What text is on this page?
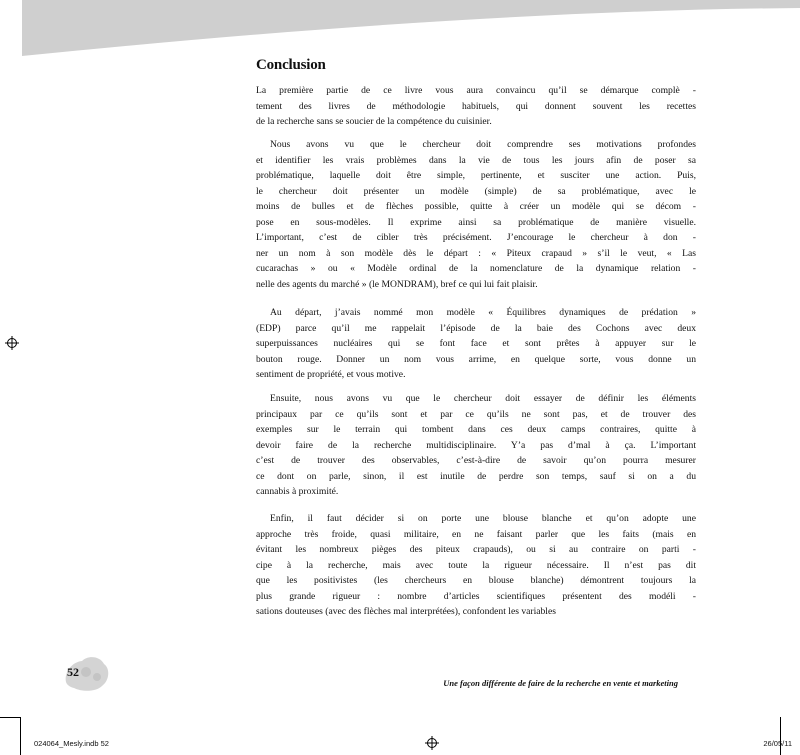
Conclusion
La première partie de ce livre vous aura convaincu qu’il se démarque complè -
tement des livres de méthodologie habituels, qui donnent souvent les recettes
de la recherche sans se soucier de la compétence du cuisinier.
Nous avons vu que le chercheur doit comprendre ses motivations profondes
et identifier les vrais problèmes dans la vie de tous les jours afin de poser sa
problématique, laquelle doit être simple, pertinente, et susciter une action. Puis,
le chercheur doit présenter un modèle (simple) de sa problématique, avec le
moins de bulles et de flèches possible, quitte à créer un modèle qui se décom -
pose en sous-modèles. Il exprime ainsi sa problématique de manière visuelle.
L’important, c’est de cibler très précisément. J’encourage le chercheur à don -
ner un nom à son modèle dès le départ : « Piteux crapaud » s’il le veut, « Las
cucarachas » ou « Modèle ordinal de la nomenclature de la dynamique relation -
nelle des agents du marché » (le MONDRAM), bref ce qui lui fait plaisir.
Au départ, j’avais nommé mon modèle « Équilibres dynamiques de prédation »
(EDP) parce qu’il me rappelait l’épisode de la baie des Cochons avec deux
superpuissances nucléaires qui se font face et sont prêtes à appuyer sur le
bouton rouge. Donner un nom vous arrime, en quelque sorte, vous donne un
sentiment de propriété, et vous motive.
Ensuite, nous avons vu que le chercheur doit essayer de définir les éléments
principaux par ce qu’ils sont et par ce qu’ils ne sont pas, et de trouver des
exemples sur le terrain qui tombent dans ces deux camps contraires, quitte à
devoir faire de la recherche multidisciplinaire. Y’a pas d’mal à ça. L’important
c’est de trouver des observables, c’est-à-dire de savoir qu’on pourra mesurer
ce dont on parle, sinon, il est inutile de perdre son temps, sauf si on a du
cannabis à proximité.
Enfin, il faut décider si on porte une blouse blanche et qu’on adopte une
approche très froide, quasi militaire, en ne faisant parler que les faits (mais en
évitant les nombreux pièges des piteux crapauds), ou si au contraire on parti -
cipe à la recherche, mais avec toute la rigueur nécessaire. Il n’est pas dit
que les positivistes (les chercheurs en blouse blanche) démontrent toujours la
plus grande rigueur : nombre d’articles scientifiques présentent des modéli -
sations douteuses (avec des flèches mal interprétées), confondent les variables
52
Une façon différente de faire de la recherche en vente et marketing
024064_Mesly.indb 52	26/05/11
